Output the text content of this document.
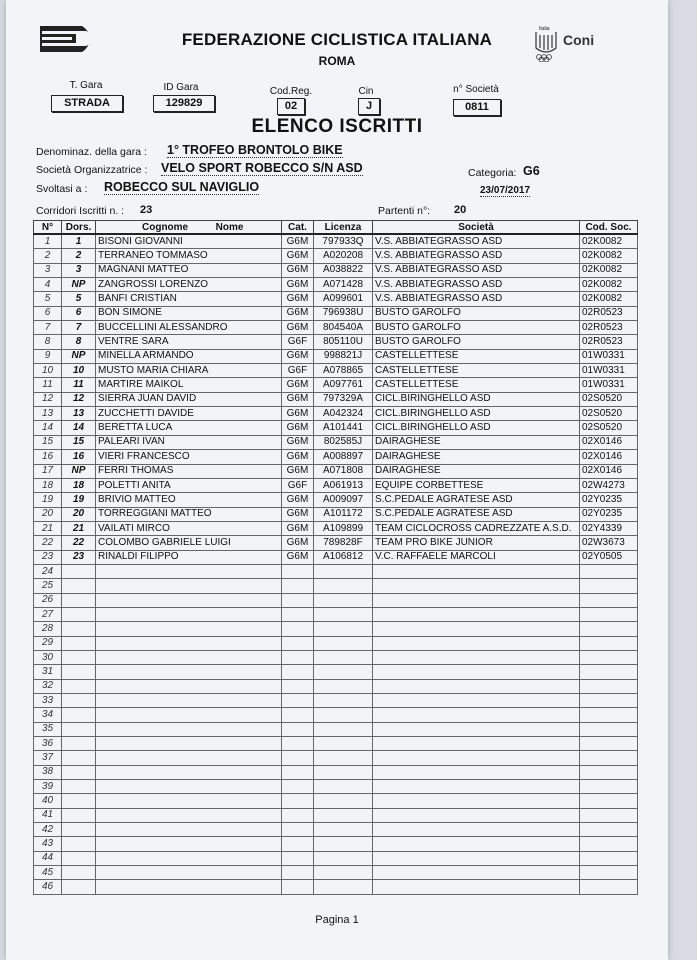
FEDERAZIONE CICLISTICA ITALIANA
ROMA
Coni
Italia
T. Gara
STRADA
ID Gara
129829
Cod.Reg.
02
Cin
J
n° Società
0811
ELENCO ISCRITTI
Denominaz. della gara : 1° TROFEO BRONTOLO BIKE
Società Organizzatrice : VELO SPORT ROBECCO S/N ASD	Categoria: G6
Svoltasi a : ROBECCO SUL NAVIGLIO	23/07/2017
Corridori Iscritti n. : 23	Partenti n°: 20
N°	Dors.	Cognome Nome	Cat.	Licenza	Società	Cod. Soc.
1	1	BISONI GIOVANNI	G6M	797933Q	V.S. ABBIATEGRASSO ASD	02K0082
2	2	TERRANEO TOMMASO	G6M	A020208	V.S. ABBIATEGRASSO ASD	02K0082
3	3	MAGNANI MATTEO	G6M	A038822	V.S. ABBIATEGRASSO ASD	02K0082
4	NP	ZANGROSSI LORENZO	G6M	A071428	V.S. ABBIATEGRASSO ASD	02K0082
5	5	BANFI CRISTIAN	G6M	A099601	V.S. ABBIATEGRASSO ASD	02K0082
6	6	BON SIMONE	G6M	796938U	BUSTO GAROLFO	02R0523
7	7	BUCCELLINI ALESSANDRO	G6M	804540A	BUSTO GAROLFO	02R0523
8	8	VENTRE SARA	G6F	805110U	BUSTO GAROLFO	02R0523
9	NP	MINELLA ARMANDO	G6M	998821J	CASTELLETTESE	01W0331
10	10	MUSTO MARIA CHIARA	G6F	A078865	CASTELLETTESE	01W0331
11	11	MARTIRE MAIKOL	G6M	A097761	CASTELLETTESE	01W0331
12	12	SIERRA JUAN DAVID	G6M	797329A	CICL.BIRINGHELLO ASD	02S0520
13	13	ZUCCHETTI DAVIDE	G6M	A042324	CICL.BIRINGHELLO ASD	02S0520
14	14	BERETTA LUCA	G6M	A101441	CICL.BIRINGHELLO ASD	02S0520
15	15	PALEARI IVAN	G6M	802585J	DAIRAGHESE	02X0146
16	16	VIERI FRANCESCO	G6M	A008897	DAIRAGHESE	02X0146
17	NP	FERRI THOMAS	G6M	A071808	DAIRAGHESE	02X0146
18	18	POLETTI ANITA	G6F	A061913	EQUIPE CORBETTESE	02W4273
19	19	BRIVIO MATTEO	G6M	A009097	S.C.PEDALE AGRATESE ASD	02Y0235
20	20	TORREGGIANI MATTEO	G6M	A101172	S.C.PEDALE AGRATESE ASD	02Y0235
21	21	VAILATI MIRCO	G6M	A109899	TEAM CICLOCROSS CADREZZATE A.S.D.	02Y4339
22	22	COLOMBO GABRIELE LUIGI	G6M	789828F	TEAM PRO BIKE JUNIOR	02W3673
23	23	RINALDI FILIPPO	G6M	A106812	V.C. RAFFAELE MARCOLI	02Y0505
24						
25						
26						
27						
28						
29						
30						
31						
32						
33						
34						
35						
36						
37						
38						
39						
40						
41						
42						
43						
44						
45						
46						
Pagina 1
